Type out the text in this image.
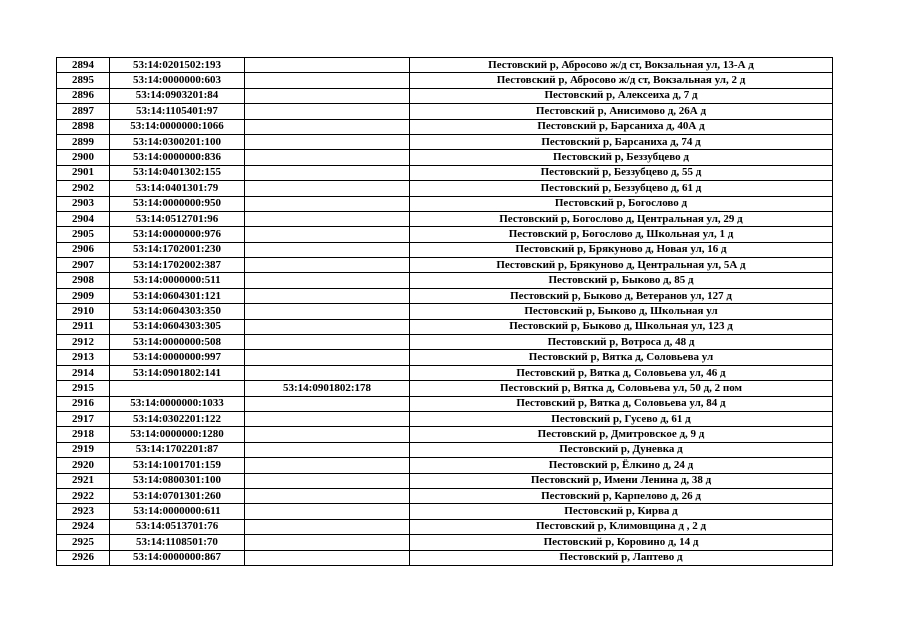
2894	53:14:0201502:193		Пестовский р, Абросово ж/д ст, Вокзальная ул, 13-А д
2895	53:14:0000000:603		Пестовский р, Абросово ж/д ст, Вокзальная ул, 2 д
2896	53:14:0903201:84		Пестовский р, Алексеиха д, 7 д
2897	53:14:1105401:97		Пестовский р, Анисимово д, 26А д
2898	53:14:0000000:1066		Пестовский р, Барсаниха д, 40А д
2899	53:14:0300201:100		Пестовский р, Барсаниха д, 74 д
2900	53:14:0000000:836		Пестовский р, Беззубцево д
2901	53:14:0401302:155		Пестовский р, Беззубцево д, 55 д
2902	53:14:0401301:79		Пестовский р, Беззубцево д, 61 д
2903	53:14:0000000:950		Пестовский р, Богослово д
2904	53:14:0512701:96		Пестовский р, Богослово д, Центральная ул, 29 д
2905	53:14:0000000:976		Пестовский р, Богослово д, Школьная ул, 1 д
2906	53:14:1702001:230		Пестовский р, Брякуново д, Новая ул, 16 д
2907	53:14:1702002:387		Пестовский р, Брякуново д, Центральная ул, 5А д
2908	53:14:0000000:511		Пестовский р, Быково д, 85 д
2909	53:14:0604301:121		Пестовский р, Быково д, Ветеранов ул, 127 д
2910	53:14:0604303:350		Пестовский р, Быково д, Школьная ул
2911	53:14:0604303:305		Пестовский р, Быково д, Школьная ул, 123 д
2912	53:14:0000000:508		Пестовский р, Вотроса д, 48 д
2913	53:14:0000000:997		Пестовский р, Вятка д, Соловьева ул
2914	53:14:0901802:141		Пестовский р, Вятка д, Соловьева ул, 46 д
2915		53:14:0901802:178	Пестовский р, Вятка д, Соловьева ул, 50 д, 2 пом
2916	53:14:0000000:1033		Пестовский р, Вятка д, Соловьева ул, 84 д
2917	53:14:0302201:122		Пестовский р, Гусево д, 61 д
2918	53:14:0000000:1280		Пестовский р, Дмитровское д, 9 д
2919	53:14:1702201:87		Пестовский р, Дуневка д
2920	53:14:1001701:159		Пестовский р, Ёлкино д, 24 д
2921	53:14:0800301:100		Пестовский р, Имени Ленина д, 38 д
2922	53:14:0701301:260		Пестовский р, Карпелово д, 26 д
2923	53:14:0000000:611		Пестовский р, Кирва д
2924	53:14:0513701:76		Пестовский р, Климовщина д , 2 д
2925	53:14:1108501:70		Пестовский р, Коровино д, 14 д
2926	53:14:0000000:867		Пестовский р, Лаптево д
